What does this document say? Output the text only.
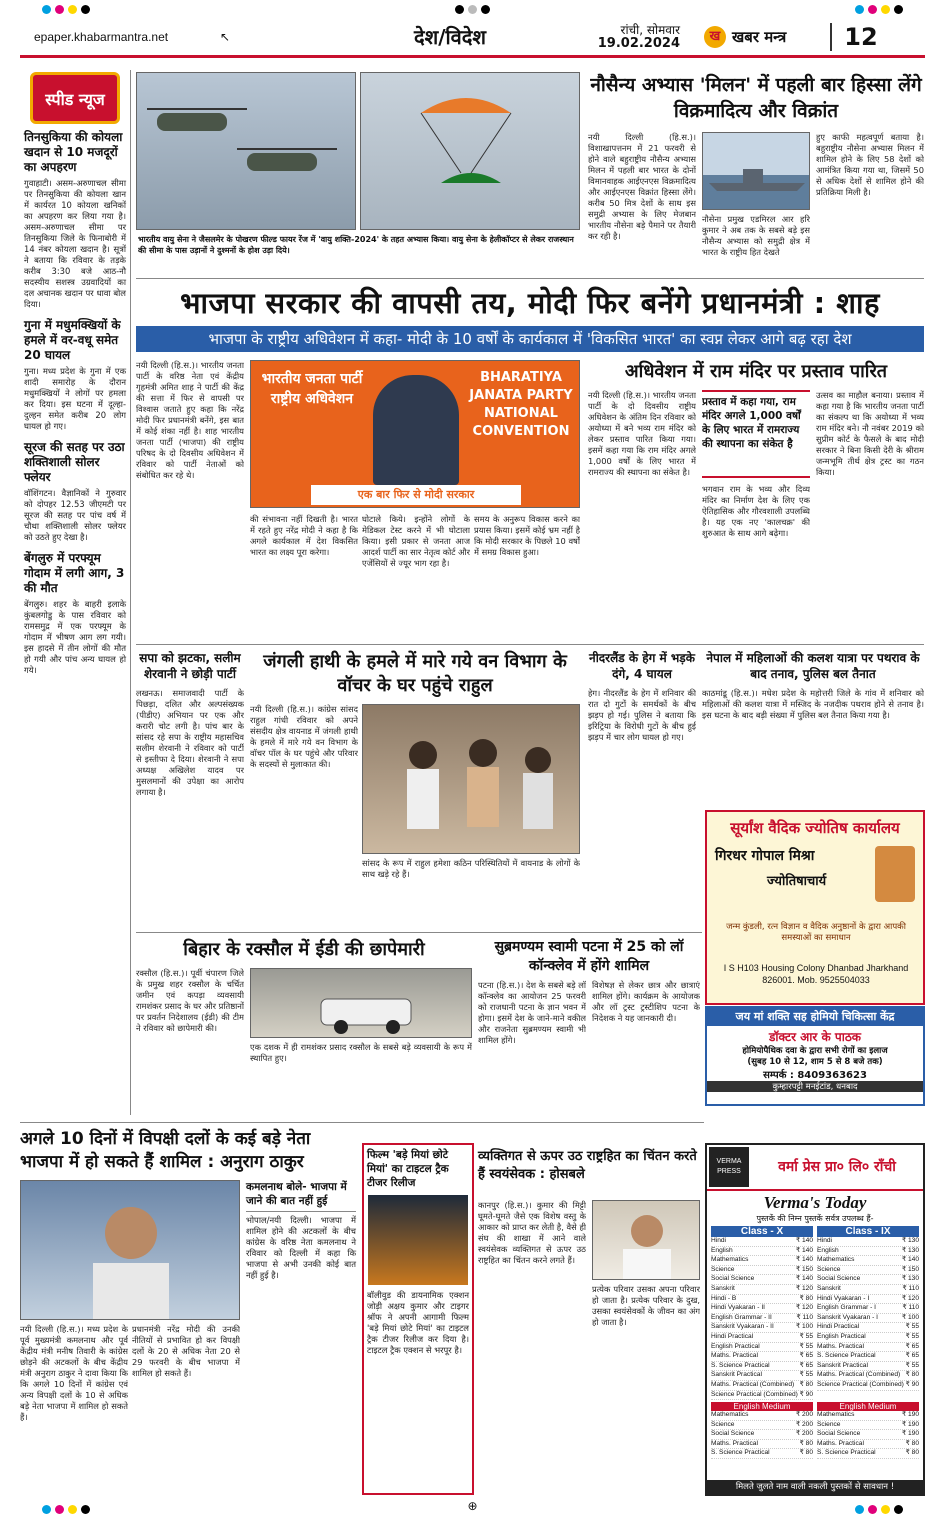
epaper.khabarmantra.net	↖	देश/विदेश	रांची, सोमवार
19.02.2024	ख खबर मन्त्र	12
स्पीड न्यूज
तिनसुकिया की कोयला खदान से 10 मजदूरों का अपहरण
गुवाहाटी। असम-अरुणाचल सीमा पर तिनसुकिया की कोयला खान में कार्यरत 10 कोयला खनिकों का अपहरण कर लिया गया है। असम-अरुणाचल सीमा पर तिनसुकिया जिले के फिनाबोरी में 14 नंबर कोयला खदान है। सूत्रों ने बताया कि रविवार के तड़के करीब 3:30 बजे आठ-नौ सदस्यीय सशस्त्र उग्रवादियों का दल अचानक खदान पर धावा बोल दिया।
गुना में मधुमक्खियों के हमले में वर-वधू समेत 20 घायल
गुना। मध्य प्रदेश के गुना में एक शादी समारोह के दौरान मधुमक्खियों ने लोगों पर हमला कर दिया। इस घटना में दूल्हा-दुल्हन समेत करीब 20 लोग घायल हो गए।
सूरज की सतह पर उठा शक्तिशाली सोलर फ्लेयर
वॉशिंगटन। वैज्ञानिकों ने गुरुवार को दोपहर 12.53 जीएमटी पर सूरज की सतह पर पांच वर्ष में चौथा शक्तिशाली सोलर फ्लेयर को उठते हुए देखा है।
बेंगलुरु में परफ्यूम गोदाम में लगी आग, 3 की मौत
बेंगलुरु। शहर के बाहरी इलाके कुंबलगोडु के पास रविवार को रामसमुद्र में एक परफ्यूम के गोदाम में भीषण आग लग गयी। इस हादसे में तीन लोगों की मौत हो गयी और पांच अन्य घायल हो गये।
भारतीय वायु सेना ने जैसलमेर के पोखरण फील्ड फायर रेंज में 'वायु शक्ति-2024' के तहत अभ्यास किया। वायु सेना के हेलीकॉप्टर से लेकर राजस्थान की सीमा के पास उड़ानों ने दुश्मनों के होश उड़ा दिये।
नौसैन्य अभ्यास 'मिलन' में पहली बार हिस्सा लेंगे विक्रमादित्य और विक्रांत
नयी दिल्ली (हि.स.)। विशाखापत्तनम में 21 फरवरी से होने वाले बहुराष्ट्रीय नौसैन्य अभ्यास मिलन में पहली बार भारत के दोनों विमानवाहक आईएनएस विक्रमादित्य और आईएनएस विक्रांत हिस्सा लेंगे। करीब 50 मित्र देशों के साथ इस समुद्री अभ्यास के लिए मेजबान भारतीय नौसेना बड़े पैमाने पर तैयारी कर रही है।
नौसेना प्रमुख एडमिरल आर हरि कुमार ने अब तक के सबसे बड़े इस नौसैन्य अभ्यास को समुद्री क्षेत्र में भारत के राष्ट्रीय हित देखते
हुए काफी महत्वपूर्ण बताया है। बहुराष्ट्रीय नौसेना अभ्यास मिलन में शामिल होने के लिए 58 देशों को आमंत्रित किया गया था, जिसमें 50 से अधिक देशों से शामिल होने की प्रतिक्रिया मिली है।
भाजपा सरकार की वापसी तय, मोदी फिर बनेंगे प्रधानमंत्री : शाह
भाजपा के राष्ट्रीय अधिवेशन में कहा- मोदी के 10 वर्षों के कार्यकाल में 'विकसित भारत' का स्वप्न लेकर आगे बढ़ रहा देश
भारतीय जनता पार्टी राष्ट्रीय अधिवेशन
BHARATIYA JANATA PARTY NATIONAL CONVENTION
एक बार फिर से मोदी सरकार
नयी दिल्ली (हि.स.)। भारतीय जनता पार्टी के वरिष्ठ नेता एवं केंद्रीय गृहमंत्री अमित शाह ने पार्टी की केंद्र की सत्ता में फिर से वापसी पर विश्वास जताते हुए कहा कि नरेंद्र मोदी फिर प्रधानमंत्री बनेंगे, इस बात में कोई शंका नहीं है। शाह भारतीय जनता पार्टी (भाजपा) की राष्ट्रीय परिषद के दो दिवसीय अधिवेशन में रविवार को पार्टी नेताओं को संबोधित कर रहे थे।
की संभावना नहीं दिखती है। भारत में रहते हुए नरेंद्र मोदी ने कहा है कि अगले कार्यकाल में देश विकसित भारत का लक्ष्य पूरा करेगा।
घोटाले किये। इन्होंने लोगों के मेडिकल टेस्ट करने में भी घोटाला किया। इसी प्रकार से जनता आज आदर्श पार्टी का सार नेतृत्व कोर्ट और एजेंसियों से ज्यूर भाग रहा है।
समय के अनुरूप विकास करने का प्रयास किया। इसमें कोई भ्रम नहीं है कि मोदी सरकार के पिछले 10 वर्षों में समग्र विकास हुआ।
अधिवेशन में राम मंदिर पर प्रस्ताव पारित
नयी दिल्ली (हि.स.)। भारतीय जनता पार्टी के दो दिवसीय राष्ट्रीय अधिवेशन के अंतिम दिन रविवार को अयोध्या में बने भव्य राम मंदिर को लेकर प्रस्ताव पारित किया गया। इसमें कहा गया कि राम मंदिर अगले 1,000 वर्षों के लिए भारत में रामराज्य की स्थापना का संकेत है।
प्रस्ताव में कहा गया, राम मंदिर अगले 1,000 वर्षों के लिए भारत में रामराज्य की स्थापना का संकेत है
भगवान राम के भव्य और दिव्य मंदिर का निर्माण देश के लिए एक ऐतिहासिक और गौरवशाली उपलब्धि है। यह एक नए 'कालचक्र' की शुरुआत के साथ आगे बढ़ेगा।
उत्सव का माहौल बनाया। प्रस्ताव में कहा गया है कि भारतीय जनता पार्टी का संकल्प था कि अयोध्या में भव्य राम मंदिर बने। नौ नवंबर 2019 को सुप्रीम कोर्ट के फैसले के बाद मोदी सरकार ने बिना किसी देरी के श्रीराम जन्मभूमि तीर्थ क्षेत्र ट्रस्ट का गठन किया।
सपा को झटका, सलीम शेरवानी ने छोड़ी पार्टी
लखनऊ। समाजवादी पार्टी के पिछड़ा, दलित और अल्पसंख्यक (पीडीए) अभियान पर एक और करारी चोट लगी है। पांच बार के सांसद रहे सपा के राष्ट्रीय महासचिव सलीम शेरवानी ने रविवार को पार्टी से इस्तीफा दे दिया। शेरवानी ने सपा अध्यक्ष अखिलेश यादव पर मुसलमानों की उपेक्षा का आरोप लगाया है।
जंगली हाथी के हमले में मारे गये वन विभाग के वॉचर के घर पहुंचे राहुल
नयी दिल्ली (हि.स.)। कांग्रेस सांसद राहुल गांधी रविवार को अपने संसदीय क्षेत्र वायनाड में जंगली हाथी के हमले में मारे गये वन विभाग के वॉचर पॉल के घर पहुंचे और परिवार के सदस्यों से मुलाकात की।
सांसद के रूप में राहुल हमेशा कठिन परिस्थितियों में वायनाड के लोगों के साथ खड़े रहे हैं।
नीदरलैंड के हेग में भड़के दंगे, 4 घायल
हेग। नीदरलैंड के हेग में शनिवार की रात दो गुटों के समर्थकों के बीच झड़प हो गई। पुलिस ने बताया कि इरिट्रिया के विरोधी गुटों के बीच हुई झड़प में चार लोग घायल हो गए।
नेपाल में महिलाओं की कलश यात्रा पर पथराव के बाद तनाव, पुलिस बल तैनात
काठमांडू (हि.स.)। मधेश प्रदेश के महोत्तरी जिले के गांव में शनिवार को महिलाओं की कलश यात्रा में मस्जिद के नजदीक पथराव होने से तनाव है। इस घटना के बाद बड़ी संख्या में पुलिस बल तैनात किया गया है।
सूर्यांश वैदिक ज्योतिष कार्यालय
गिरधर गोपाल मिश्रा
ज्योतिषाचार्य
जन्म कुंडली, रत्न विज्ञान व वैदिक अनुष्ठानों के द्वारा आपकी समस्याओं का समाधान
I S H103 Housing Colony Dhanbad Jharkhand 826001. Mob. 9525504033
जय मां शक्ति सह होमियो चिकित्सा केंद्र
डॉक्टर आर के पाठक
होमियोपैथिक दवा के द्वारा सभी रोगों का इलाज
(सुबह 10 से 12, शाम 5 से 8 बजे तक)
सम्पर्क : 8409363623
कुम्हारपट्टी मनईटांड, धनबाद
बिहार के रक्सौल में ईडी की छापेमारी
रक्सौल (हि.स.)। पूर्वी चंपारण जिले के प्रमुख शहर रक्सौल के चर्चित जमीन एवं कपड़ा व्यवसायी रामशंकर प्रसाद के घर और प्रतिष्ठानों पर प्रवर्तन निदेशालय (ईडी) की टीम ने रविवार को छापेमारी की।
एक दशक में ही रामशंकर प्रसाद रक्सौल के सबसे बड़े व्यवसायी के रूप में स्थापित हुए।
सुब्रमण्यम स्वामी पटना में 25 को लॉ कॉन्क्लेव में होंगे शामिल
पटना (हि.स.)। देश के सबसे बड़े लॉ कॉन्क्लेव का आयोजन 25 फरवरी को राजधानी पटना के ज्ञान भवन में होगा। इसमें देश के जाने-माने वकील और राजनेता सुब्रमण्यम स्वामी भी शामिल होंगे।
विशेषज्ञ से लेकर छात्र और छात्राएं शामिल होंगे। कार्यक्रम के आयोजक और लॉ ट्रस्ट ट्रस्टीशिप पटना के निदेशक ने यह जानकारी दी।
अगले 10 दिनों में विपक्षी दलों के कई बड़े नेता भाजपा में हो सकते हैं शामिल : अनुराग ठाकुर
नयी दिल्ली (हि.स.)। मध्य प्रदेश के पूर्व मुख्यमंत्री कमलनाथ और पूर्व केंद्रीय मंत्री मनीष तिवारी के कांग्रेस छोड़ने की अटकलों के बीच केंद्रीय मंत्री अनुराग ठाकुर ने दावा किया कि कि अगले 10 दिनों में कांग्रेस एवं अन्य विपक्षी दलों के 10 से अधिक बड़े नेता भाजपा में शामिल हो सकते हैं।
प्रधानमंत्री नरेंद्र मोदी की उनकी नीतियों से प्रभावित हो कर विपक्षी दलों के 20 से अधिक नेता 20 से 29 फरवरी के बीच भाजपा में शामिल हो सकते हैं।
कमलनाथ बोले- भाजपा में जाने की बात नहीं हुई
भोपाल/नयी दिल्ली। भाजपा में शामिल होने की अटकलों के बीच कांग्रेस के वरिष्ठ नेता कमलनाथ ने रविवार को दिल्ली में कहा कि भाजपा से अभी उनकी कोई बात नहीं हुई है।
फिल्म 'बड़े मियां छोटे मियां' का टाइटल ट्रैक टीजर रिलीज
बॉलीवुड की डायनामिक एक्शन जोड़ी अक्षय कुमार और टाइगर श्रॉफ ने अपनी आगामी फिल्म 'बड़े मियां छोटे मियां' का टाइटल ट्रैक टीजर रिलीज कर दिया है। टाइटल ट्रैक एक्शन से भरपूर है।
व्यक्तिगत से ऊपर उठ राष्ट्रहित का चिंतन करते हैं स्वयंसेवक : होसबले
कानपुर (हि.स.)। कुमार की मिट्टी घूमते-घूमते जैसे एक विशेष वस्तु के आकार को प्राप्त कर लेती है, वैसे ही संघ की शाखा में आने वाले स्वयंसेवक व्यक्तिगत से ऊपर उठ राष्ट्रहित का चिंतन करने लगते हैं।
प्रत्येक परिवार उसका अपना परिवार हो जाता है। प्रत्येक परिवार के दुख, उसका स्वयंसेवकों के जीवन का अंग हो जाता है।
VERMA PRESS	वर्मा प्रेस प्रा० लि० राँची
Verma's Today
पुस्तकें की निम्न पुस्तकें सर्वत्र उपलब्ध हैं-
Class - X
Hindi	₹ 140
English	₹ 140
Mathematics	₹ 140
Science	₹ 150
Social Science	₹ 140
Sanskrit	₹ 120
Hindi - B	₹ 80
Hindi Vyakaran - II	₹ 120
English Grammar - II	₹ 110
Sanskrit Vyakaran - II	₹ 100
Hindi Practical	₹ 55
English Practical	₹ 55
Maths. Practical	₹ 65
S. Science Practical	₹ 65
Sanskrit Practical	₹ 55
Maths. Practical (Combined) ₹ 80
Science Practical (Combined) ₹ 90
Class - IX
Hindi	₹ 130
English	₹ 130
Mathematics	₹ 140
Science	₹ 150
Social Science	₹ 130
Sanskrit	₹ 110
Hindi Vyakaran - I	₹ 120
English Grammar - I	₹ 110
Sanskrit Vyakaran - I	₹ 100
Hindi Practical	₹ 55
English Practical	₹ 55
Maths. Practical	₹ 65
S. Science Practical	₹ 65
Sanskrit Practical	₹ 55
Maths. Practical (Combined) ₹ 80
Science Practical (Combined) ₹ 90
English Medium
Mathematics	₹ 200
Science	₹ 200
Social Science	₹ 200
Maths. Practical	₹ 80
S. Science Practical	₹ 80
English Medium
Mathematics	₹ 190
Science	₹ 190
Social Science	₹ 190
Maths. Practical	₹ 80
S. Science Practical	₹ 80
मिलते जुलते नाम वाली नकली पुस्तकों से सावधान !
⊕
